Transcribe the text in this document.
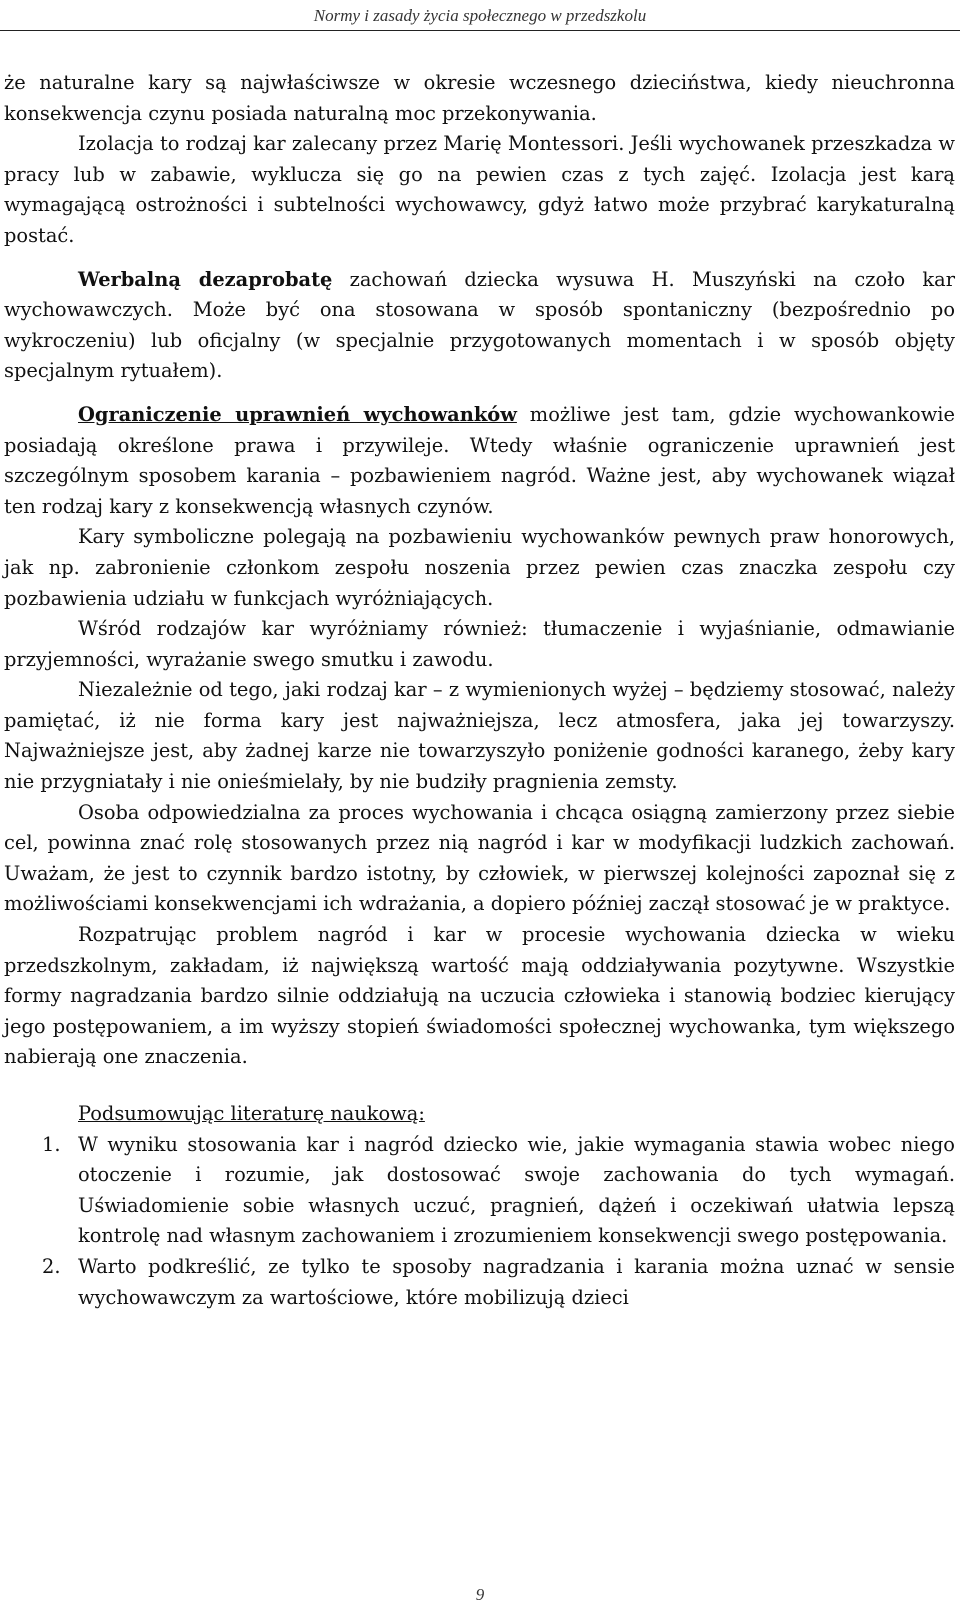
Normy i zasady życia społecznego w przedszkolu

że naturalne kary są najwłaściwsze w okresie wczesnego dzieciństwa, kiedy nieuchronna konsekwencja czynu posiada naturalną moc przekonywania.

Izolacja to rodzaj kar zalecany przez Marię Montessori. Jeśli wychowanek przeszkadza w pracy lub w zabawie, wyklucza się go na pewien czas z tych zajęć. Izolacja jest karą wymagającą ostrożności i subtelności wychowawcy, gdyż łatwo może przybrać karykaturalną postać.

Werbalną dezaprobatę zachowań dziecka wysuwa H. Muszyński na czoło kar wychowawczych. Może być ona stosowana w sposób spontaniczny (bezpośrednio po wykroczeniu) lub oficjalny (w specjalnie przygotowanych momentach i w sposób objęty specjalnym rytuałem).

Ograniczenie uprawnień wychowanków możliwe jest tam, gdzie wychowankowie posiadają określone prawa i przywileje. Wtedy właśnie ograniczenie uprawnień jest szczególnym sposobem karania – pozbawieniem nagród. Ważne jest, aby wychowanek wiązał ten rodzaj kary z konsekwencją własnych czynów.

Kary symboliczne polegają na pozbawieniu wychowanków pewnych praw honorowych, jak np. zabronienie członkom zespołu noszenia przez pewien czas znaczka zespołu czy pozbawienia udziału w funkcjach wyróżniających.

Wśród rodzajów kar wyróżniamy również: tłumaczenie i wyjaśnianie, odmawianie przyjemności, wyrażanie swego smutku i zawodu.

Niezależnie od tego, jaki rodzaj kar – z wymienionych wyżej – będziemy stosować, należy pamiętać, iż nie forma kary jest najważniejsza, lecz atmosfera, jaka jej towarzyszy. Najważniejsze jest, aby żadnej karze nie towarzyszyło poniżenie godności karanego, żeby kary nie przygniatały i nie onieśmielały, by nie budziły pragnienia zemsty.

Osoba odpowiedzialna za proces wychowania i chcąca osiągną zamierzony przez siebie cel, powinna znać rolę stosowanych przez nią nagród i kar w modyfikacji ludzkich zachowań. Uważam, że jest to czynnik bardzo istotny, by człowiek, w pierwszej kolejności zapoznał się z możliwościami konsekwencjami ich wdrażania, a dopiero później zaczął stosować je w praktyce.

Rozpatrując problem nagród i kar w procesie wychowania dziecka w wieku przedszkolnym, zakładam, iż największą wartość mają oddziaływania pozytywne. Wszystkie formy nagradzania bardzo silnie oddziałują na uczucia człowieka i stanowią bodziec kierujący jego postępowaniem, a im wyższy stopień świadomości społecznej wychowanka, tym większego nabierają one znaczenia.

Podsumowując literaturę naukową:

1. W wyniku stosowania kar i nagród dziecko wie, jakie wymagania stawia wobec niego otoczenie i rozumie, jak dostosować swoje zachowania do tych wymagań. Uświadomienie sobie własnych uczuć, pragnień, dążeń i oczekiwań ułatwia lepszą kontrolę nad własnym zachowaniem i zrozumieniem konsekwencji swego postępowania.
2. Warto podkreślić, ze tylko te sposoby nagradzania i karania można uznać w sensie wychowawczym za wartościowe, które mobilizują dzieci
9
